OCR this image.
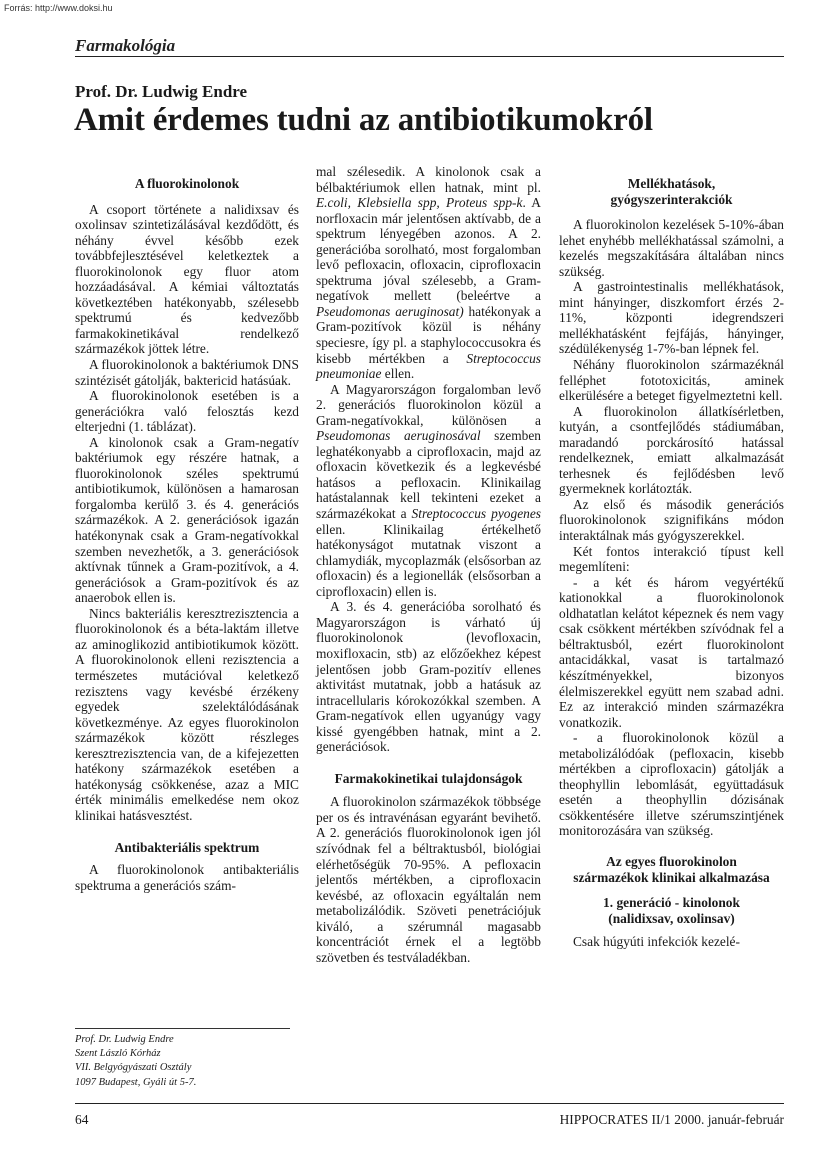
Forrás: http://www.doksi.hu
Farmakológia
Prof. Dr. Ludwig Endre
Amit érdemes tudni az antibiotikumokról
A fluorokinolonok

A csoport története a nalidixsav és oxolinsav szintetizálásával kezdődött, és néhány évvel később ezek továbbfejlesztésével keletkeztek a fluorokinolonok egy fluor atom hozzáadásával. A kémiai változtatás következtében hatékonyabb, szélesebb spektrumú és kedvezőbb farmakokinetikával rendelkező származékok jöttek létre.

A fluorokinolonok a baktériumok DNS szintézisét gátolják, baktericid hatásúak.

A fluorokinolonok esetében is a generációkra való felosztás kezd elterjedni (1. táblázat).

A kinolonok csak a Gram-negatív baktériumok egy részére hatnak, a fluorokinolonok széles spektrumú antibiotikumok, különösen a hamarosan forgalomba kerülő 3. és 4. generációs származékok. A 2. generációsok igazán hatékonynak csak a Gram-negatívokkal szemben nevezhetők, a 3. generációsok aktívnak tűnnek a Gram-pozitívok, a 4. generációsok a Gram-pozitívok és az anaerobok ellen is.

Nincs bakteriális keresztrezisztencia a fluorokinolonok és a béta-laktám illetve az aminoglikozid antibiotikumok között. A fluorokinolonok elleni rezisztencia a természetes mutációval keletkező rezisztens vagy kevésbé érzékeny egyedek szelektálódásának következménye. Az egyes fluorokinolon származékok között részleges keresztrezisztencia van, de a kifejezetten hatékony származékok esetében a hatékonyság csökkenése, azaz a MIC érték minimális emelkedése nem okoz klinikai hatásvesztést.

Antibakteriális spektrum

A fluorokinolonok antibakteriális spektruma a generációs szám-

Prof. Dr. Ludwig Endre
Szent László Kórház
VII. Belgyógyászati Osztály
1097 Budapest, Gyáli út 5-7.

mal szélesedik. A kinolonok csak a bélbaktériumok ellen hatnak, mint pl. E.coli, Klebsiella spp, Proteus spp-k. A norfloxacin már jelentősen aktívabb, de a spektrum lényegében azonos. A 2. generációba sorolható, most forgalomban levő pefloxacin, ofloxacin, ciprofloxacin spektruma jóval szélesebb, a Gram-negatívok mellett (beleértve a Pseudomonas aeruginosat) hatékonyak a Gram-pozitívok közül is néhány speciesre, így pl. a staphylococcusokra és kisebb mértékben a Streptococcus pneumoniae ellen.

A Magyarországon forgalomban levő 2. generációs fluorokinolon közül a Gram-negatívokkal, különösen a Pseudomonas aeruginosával szemben leghatékonyabb a ciprofloxacin, majd az ofloxacin következik és a legkevésbé hatásos a pefloxacin. Klinikailag hatástalannak kell tekinteni ezeket a származékokat a Streptococcus pyogenes ellen. Klinikailag értékelhető hatékonyságot mutatnak viszont a chlamydiák, mycoplazmák (elsősorban az ofloxacin) és a legionellák (elsősorban a ciprofloxacin) ellen is.

A 3. és 4. generációba sorolható és Magyarországon is várható új fluorokinolonok (levofloxacin, moxifloxacin, stb) az előzőekhez képest jelentősen jobb Gram-pozitív ellenes aktivitást mutatnak, jobb a hatásuk az intracellularis kórokozókkal szemben. A Gram-negatívok ellen ugyanúgy vagy kissé gyengébben hatnak, mint a 2. generációsok.

Farmakokinetikai tulajdonságok

A fluorokinolon származékok többsége per os és intravénásan egyaránt bevihető. A 2. generációs fluorokinolonok igen jól szívódnak fel a béltraktusból, biológiai elérhetőségük 70-95%. A pefloxacin jelentős mértékben, a ciprofloxacin kevésbé, az ofloxacin egyáltalán nem metabolizálódik. Szöveti penetrációjuk kiváló, a szérumnál magasabb koncentrációt érnek el a legtöbb szövetben és testváladékban.

Mellékhatások,
gyógyszerinterakciók

A fluorokinolon kezelések 5-10%-ában lehet enyhébb mellékhatással számolni, a kezelés megszakítására általában nincs szükség.

A gastrointestinalis mellékhatások, mint hányinger, diszkomfort érzés 2-11%, központi idegrendszeri mellékhatásként fejfájás, hányinger, szédülékenység 1-7%-ban lépnek fel.

Néhány fluorokinolon származéknál felléphet fototoxicitás, aminek elkerülésére a beteget figyelmeztetni kell.

A fluorokinolon állatkísérletben, kutyán, a csontfejlődés stádiumában, maradandó porckárosító hatással rendelkeznek, emiatt alkalmazását terhesnek és fejlődésben levő gyermeknek korlátozták.

Az első és második generációs fluorokinolonok szignifikáns módon interaktálnak más gyógyszerekkel.

Két fontos interakció típust kell megemlíteni:

- a két és három vegyértékű kationokkal a fluorokinolonok oldhatatlan kelátot képeznek és nem vagy csak csökkent mértékben szívódnak fel a béltraktusból, ezért fluorokinolont antacidákkal, vasat is tartalmazó készítményekkel, bizonyos élelmiszerekkel együtt nem szabad adni. Ez az interakció minden származékra vonatkozik.

- a fluorokinolonok közül a metabolizálódóak (pefloxacin, kisebb mértékben a ciprofloxacin) gátolják a theophyllin lebomlását, együttadásuk esetén a theophyllin dózisának csökkentésére illetve szérumszintjének monitorozására van szükség.

Az egyes fluorokinolon
származékok klinikai alkalmazása
1. generáció - kinolonok
(nalidixsav, oxolinsav)

Csak húgyúti infekciók kezelé-

64	HIPPOCRATES II/1 2000. január-február
